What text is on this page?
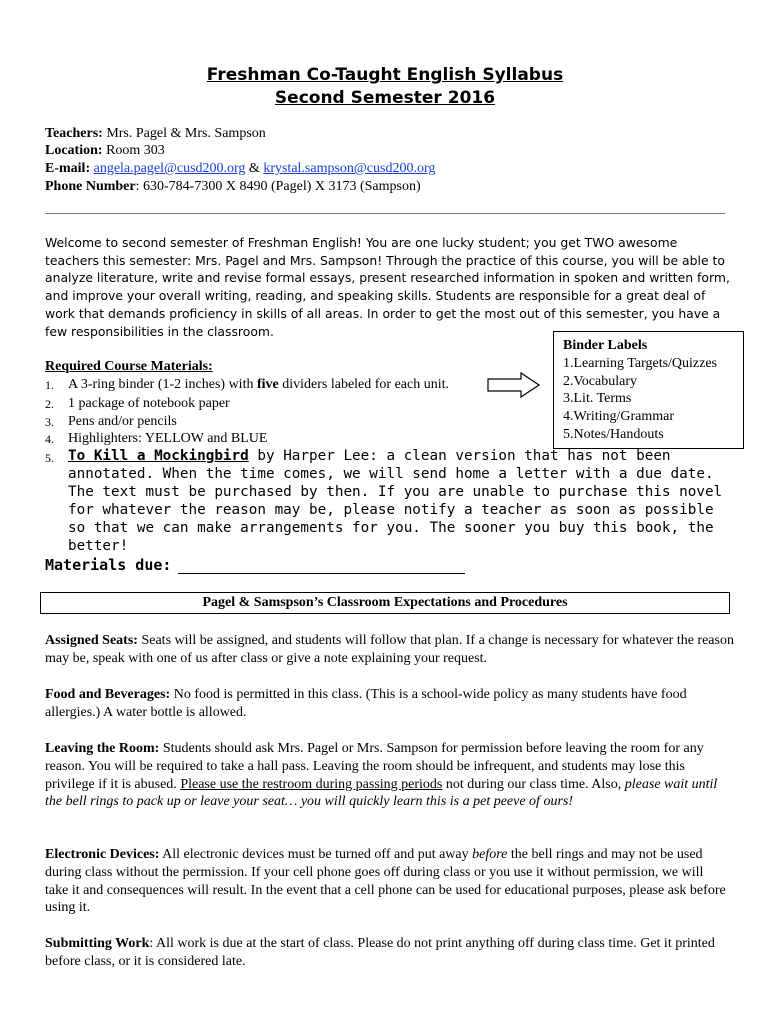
Freshman Co-Taught English Syllabus
Second Semester 2016
Teachers: Mrs. Pagel & Mrs. Sampson
Location: Room 303
E-mail: angela.pagel@cusd200.org & krystal.sampson@cusd200.org
Phone Number: 630-784-7300 X 8490 (Pagel) X 3173 (Sampson)

Welcome to second semester of Freshman English! You are one lucky student; you get TWO awesome teachers this semester: Mrs. Pagel and Mrs. Sampson! Through the practice of this course, you will be able to analyze literature, write and revise formal essays, present researched information in spoken and written form, and improve your overall writing, reading, and speaking skills. Students are responsible for a great deal of work that demands proficiency in skills of all areas. In order to get the most out of this semester, you have a few responsibilities in the classroom.

Required Course Materials:
1.	A 3-ring binder (1-2 inches) with five dividers labeled for each unit.
2.	1 package of notebook paper
3.	Pens and/or pencils
4.	Highlighters: YELLOW and BLUE
5. To Kill a Mockingbird by Harper Lee: a clean version that has not been annotated. When the time comes, we will send home a letter with a due date. The text must be purchased by then. If you are unable to purchase this novel for whatever the reason may be, please notify a teacher as soon as possible so that we can make arrangements for you. The sooner you buy this book, the better!

Binder Labels
1.Learning Targets/Quizzes
2.Vocabulary
3.Lit. Terms
4.Writing/Grammar
5.Notes/Handouts
Materials due:
Pagel & Samspson’s Classroom Expectations and Procedures

Assigned Seats: Seats will be assigned, and students will follow that plan. If a change is necessary for whatever the reason may be, speak with one of us after class or give a note explaining your request.

Food and Beverages: No food is permitted in this class. (This is a school-wide policy as many students have food allergies.) A water bottle is allowed.

Leaving the Room: Students should ask Mrs. Pagel or Mrs. Sampson for permission before leaving the room for any reason. You will be required to take a hall pass. Leaving the room should be infrequent, and students may lose this privilege if it is abused. Please use the restroom during passing periods not during our class time. Also, please wait until the bell rings to pack up or leave your seat… you will quickly learn this is a pet peeve of ours!

Electronic Devices: All electronic devices must be turned off and put away before the bell rings and may not be used during class without the permission. If your cell phone goes off during class or you use it without permission, we will take it and consequences will result. In the event that a cell phone can be used for educational purposes, please ask before using it.

Submitting Work: All work is due at the start of class. Please do not print anything off during class time. Get it printed before class, or it is considered late.
